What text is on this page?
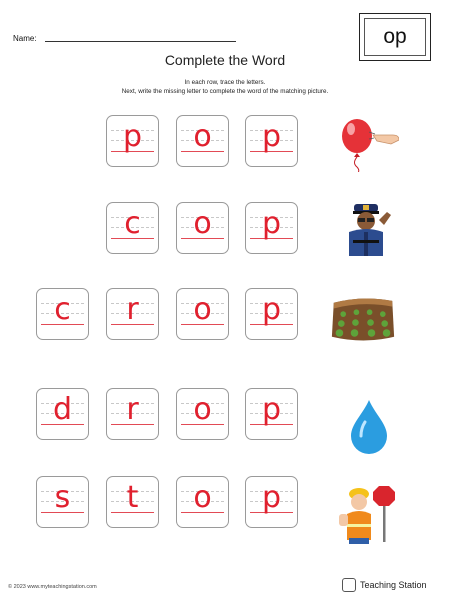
Name:	op
Complete the Word
In each row, trace the letters.
Next, write the missing letter to complete the word of the matching picture.
p	o	p
c	o	p
c	r	o	p
d	r	o	p
s	t	o	p
© 2023 www.myteachingstation.com	Teaching Station
